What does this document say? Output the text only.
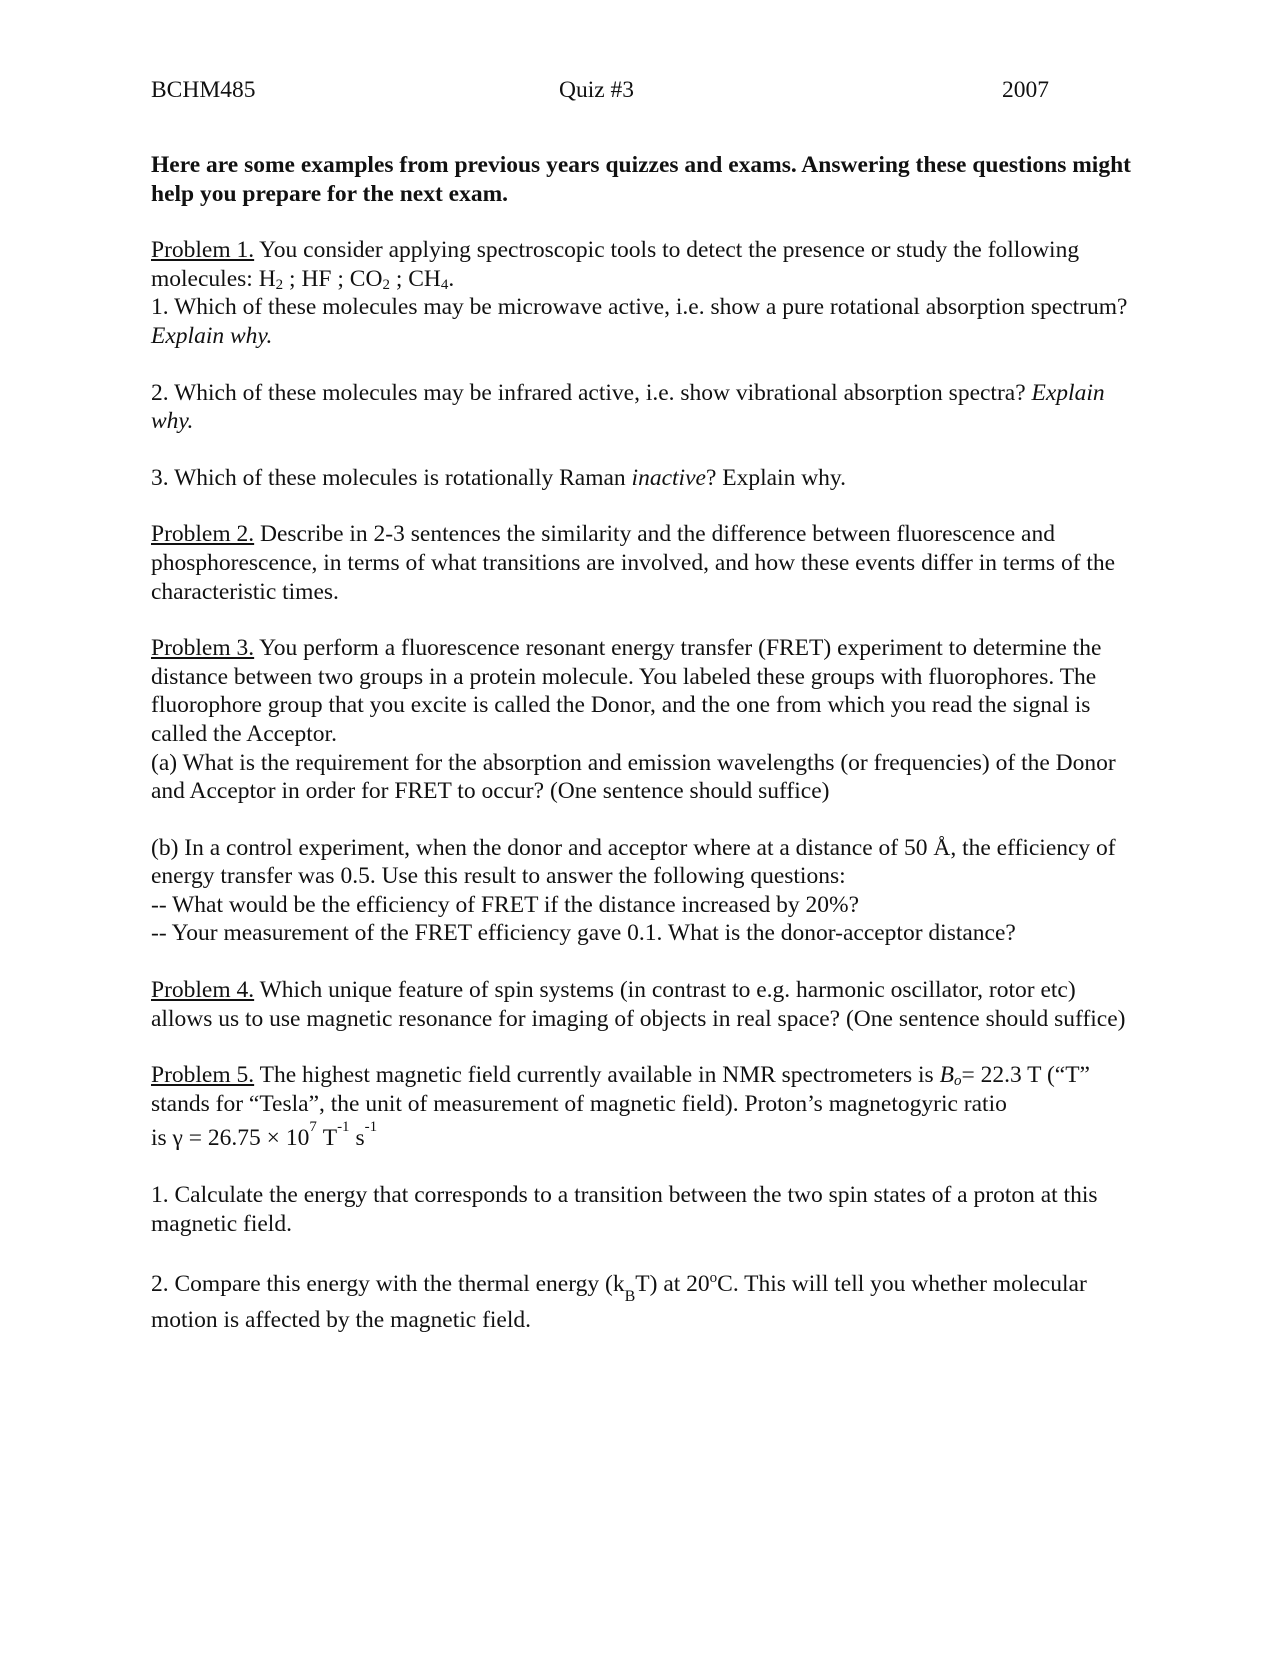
BCHM485	Quiz #3	2007

Here are some examples from previous years quizzes and exams. Answering these questions might help you prepare for the next exam.

Problem 1. You consider applying spectroscopic tools to detect the presence or study the following molecules: $H_2$ ; HF ; $CO_2$ ; $CH_4$.

1. Which of these molecules may be microwave active, i.e. show a pure rotational absorption spectrum? Explain why.

2. Which of these molecules may be infrared active, i.e. show vibrational absorption spectra? Explain why.

3. Which of these molecules is rotationally Raman inactive? Explain why.

Problem 2. Describe in 2-3 sentences the similarity and the difference between fluorescence and phosphorescence, in terms of what transitions are involved, and how these events differ in terms of the characteristic times.

Problem 3. You perform a fluorescence resonant energy transfer (FRET) experiment to determine the distance between two groups in a protein molecule. You labeled these groups with fluorophores. The fluorophore group that you excite is called the Donor, and the one from which you read the signal is called the Acceptor.

(a) What is the requirement for the absorption and emission wavelengths (or frequencies) of the Donor and Acceptor in order for FRET to occur? (One sentence should suffice)

(b) In a control experiment, when the donor and acceptor where at a distance of 50 Å, the efficiency of energy transfer was 0.5. Use this result to answer the following questions:

-- What would be the efficiency of FRET if the distance increased by 20%?

-- Your measurement of the FRET efficiency gave 0.1. What is the donor-acceptor distance?

Problem 4. Which unique feature of spin systems (in contrast to e.g. harmonic oscillator, rotor etc) allows us to use magnetic resonance for imaging of objects in real space? (One sentence should suffice)

Problem 5. The highest magnetic field currently available in NMR spectrometers is $B_o= 22.3$ T (“T” stands for “Tesla”, the unit of measurement of magnetic field). Proton’s magnetogyric ratio

is $\gamma = 26.75 \times 10^7$ $T^{-1}$ $s^{-1}$

1. Calculate the energy that corresponds to a transition between the two spin states of a proton at this magnetic field.

2. Compare this energy with the thermal energy $(k_BT)$ at 20$^o$C. This will tell you whether molecular motion is affected by the magnetic field.
